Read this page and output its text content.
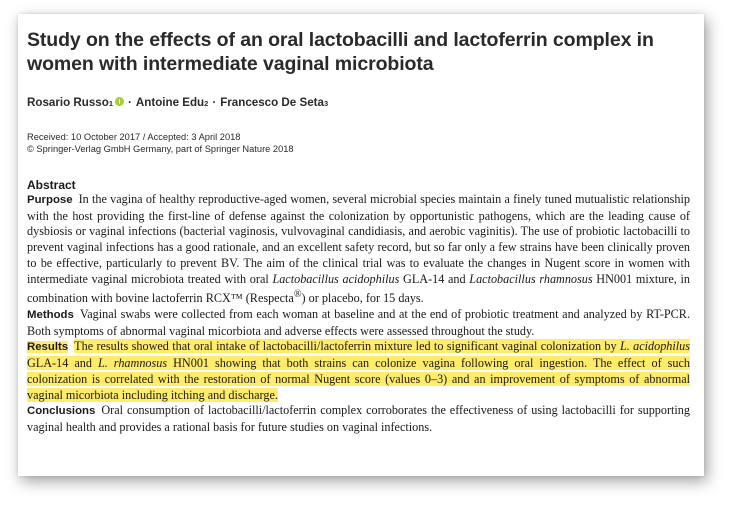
Study on the effects of an oral lactobacilli and lactoferrin complex in women with intermediate vaginal microbiota
Rosario Russo 1 · Antoine Edu 2 · Francesco De Seta 3
Received: 10 October 2017 / Accepted: 3 April 2018
© Springer-Verlag GmbH Germany, part of Springer Nature 2018
Abstract

Purpose In the vagina of healthy reproductive-aged women, several microbial species maintain a finely tuned mutualistic relationship with the host providing the first-line of defense against the colonization by opportunistic pathogens, which are the leading cause of dysbiosis or vaginal infections (bacterial vaginosis, vulvovaginal candidiasis, and aerobic vaginitis). The use of probiotic lactobacilli to prevent vaginal infections has a good rationale, and an excellent safety record, but so far only a few strains have been clinically proven to be effective, particularly to prevent BV. The aim of the clinical trial was to evaluate the changes in Nugent score in women with intermediate vaginal microbiota treated with oral Lactobacillus acidophilus GLA-14 and Lactobacillus rhamnosus HN001 mixture, in combination with bovine lactoferrin RCX™ (Respecta®) or placebo, for 15 days.

Methods Vaginal swabs were collected from each woman at baseline and at the end of probiotic treatment and analyzed by RT-PCR. Both symptoms of abnormal vaginal micorbiota and adverse effects were assessed throughout the study.

Results The results showed that oral intake of lactobacilli/lactoferrin mixture led to significant vaginal colonization by L. acidophilus GLA-14 and L. rhamnosus HN001 showing that both strains can colonize vagina following oral ingestion. The effect of such colonization is correlated with the restoration of normal Nugent score (values 0–3) and an improvement of symptoms of abnormal vaginal micorbiota including itching and discharge.

Conclusions Oral consumption of lactobacilli/lactoferrin complex corroborates the effectiveness of using lactobacilli for supporting vaginal health and provides a rational basis for future studies on vaginal infections.
